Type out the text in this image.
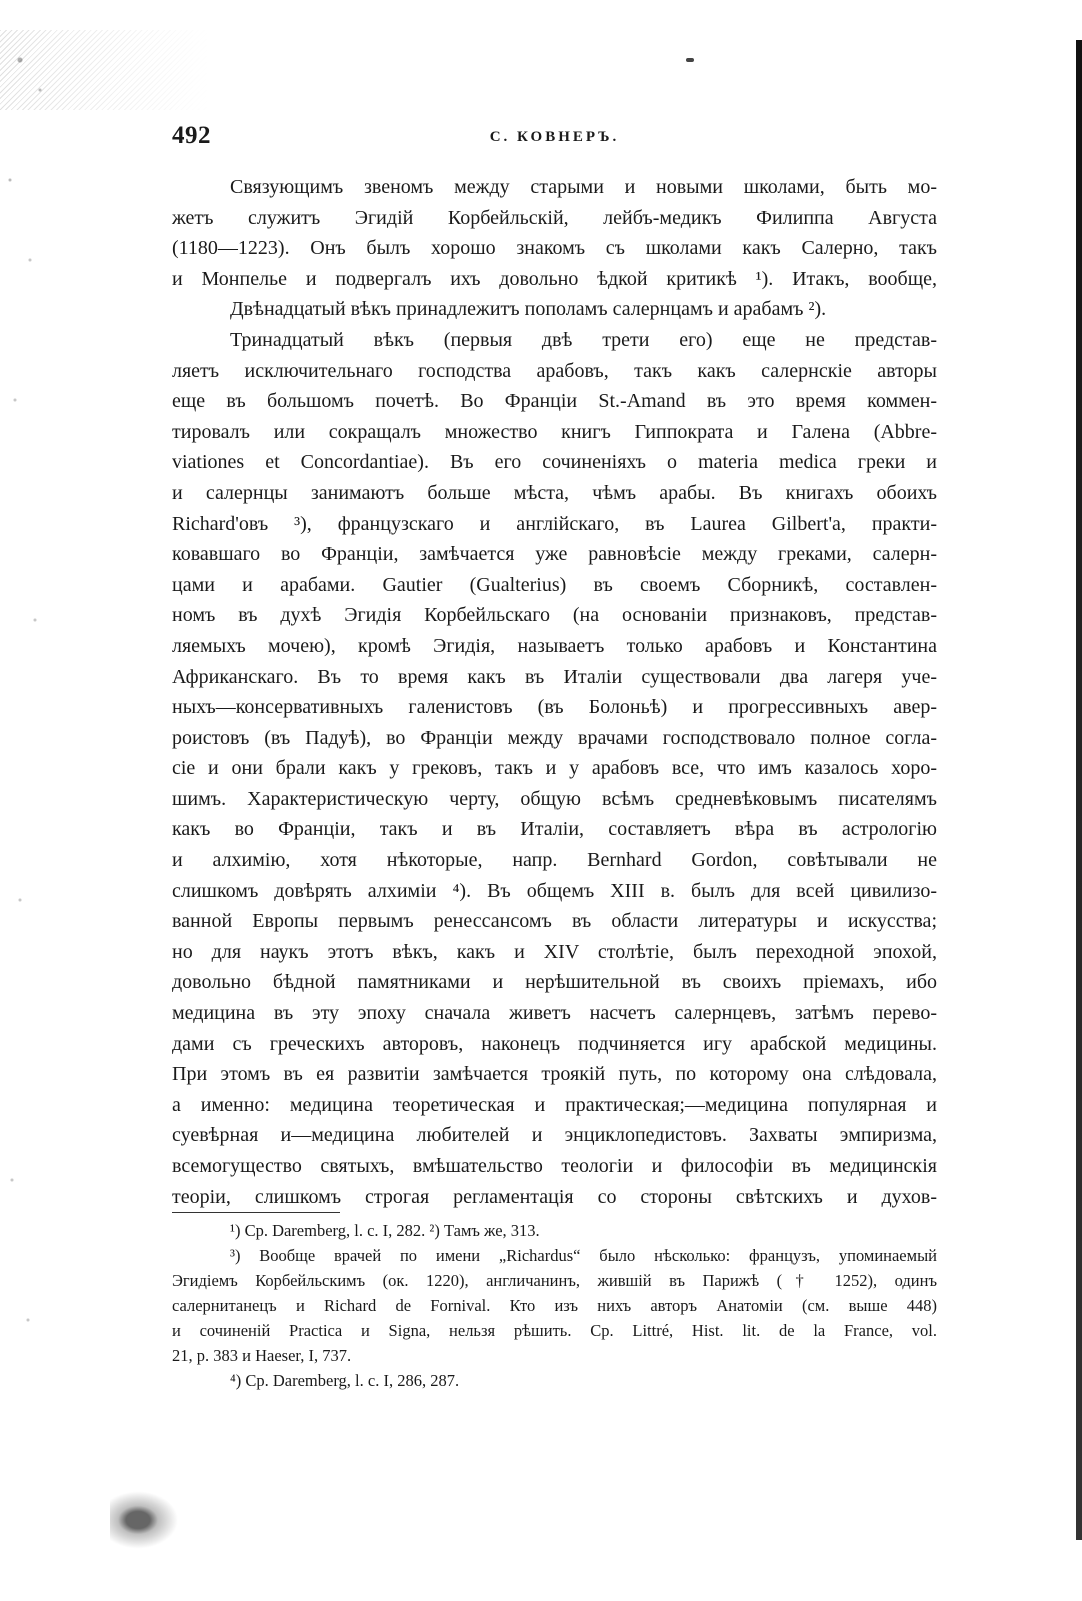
492	С. КОВНЕРЪ.
Связующимъ звеномъ между старыми и новыми школами, быть мо-
жетъ служитъ Эгидій Корбейльскій, лейбъ-медикъ Филиппа Августа
(1180—1223). Онъ былъ хорошо знакомъ съ школами какъ Салерно, такъ
и Монпелье и подвергалъ ихъ довольно ѣдкой критикѣ ¹). Итакъ, вообще,
Двѣнадцатый вѣкъ принадлежитъ пополамъ салернцамъ и арабамъ ²).
Тринадцатый вѣкъ (первыя двѣ трети его) еще не представ-
ляетъ исключительнаго господства арабовъ, такъ какъ салернскіе авторы
еще въ большомъ почетѣ. Во Франціи St.-Amand въ это время коммен-
тировалъ или сокращалъ множество книгъ Гиппократа и Галена (Abbre-
viationes et Concordantiae). Въ его сочиненіяхъ о materia medica греки и
и салернцы занимаютъ больше мѣста, чѣмъ арабы. Въ книгахъ обоихъ
Richard'овъ ³), французскаго и англійскаго, въ Laurea Gilbert'a, практи-
ковавшаго во Франціи, замѣчается уже равновѣсіе между греками, салерн-
цами и арабами. Gautier (Gualterius) въ своемъ Сборникѣ, составлен-
номъ въ духѣ Эгидія Корбейльскаго (на основаніи признаковъ, представ-
ляемыхъ мочею), кромѣ Эгидія, называетъ только арабовъ и Константина
Африканскаго. Въ то время какъ въ Италіи существовали два лагеря уче-
ныхъ—консервативныхъ галенистовъ (въ Болоньѣ) и прогрессивныхъ авер-
роистовъ (въ Падуѣ), во Франціи между врачами господствовало полное согла-
сіе и они брали какъ у грековъ, такъ и у арабовъ все, что имъ казалось хоро-
шимъ. Характеристическую черту, общую всѣмъ средневѣковымъ писателямъ
какъ во Франціи, такъ и въ Италіи, составляетъ вѣра въ астрологію
и алхимію, хотя нѣкоторые, напр. Bernhard Gordon, совѣтывали не
слишкомъ довѣрять алхиміи ⁴). Въ общемъ XIII в. былъ для всей цивилизо-
ванной Европы первымъ ренессансомъ въ области литературы и искусства;
но для наукъ этотъ вѣкъ, какъ и XIV столѣтіе, былъ переходной эпохой,
довольно бѣдной памятниками и нерѣшительной въ своихъ пріемахъ, ибо
медицина въ эту эпоху сначала живетъ насчетъ салернцевъ, затѣмъ перево-
дами съ греческихъ авторовъ, наконецъ подчиняется игу арабской медицины.
При этомъ въ ея развитіи замѣчается троякій путь, по которому она слѣдовала,
а именно: медицина теоретическая и практическая;—медицина популярная и
суевѣрная и—медицина любителей и энциклопедистовъ. Захваты эмпиризма,
всемогущество святыхъ, вмѣшательство теологіи и философіи въ медицинскія
теоріи, слишкомъ строгая регламентація со стороны свѣтскихъ и духов-
¹) Ср. Daremberg, l. c. I, 282. ²) Тамъ же, 313.
³) Вообще врачей по имени „Richardus“ было нѣсколько: французъ, упоминаемый
Эгидіемъ Корбейльскимъ (ок. 1220), англичанинъ, жившій въ Парижѣ († 1252), одинъ
салернитанецъ и Richard de Fornival. Кто изъ нихъ авторъ Анатоміи (см. выше 448)
и сочиненій Practica и Signa, нельзя рѣшить. Ср. Littré, Hist. lit. de la France, vol.
21, p. 383 и Haeser, I, 737.
⁴) Ср. Daremberg, l. c. I, 286, 287.
